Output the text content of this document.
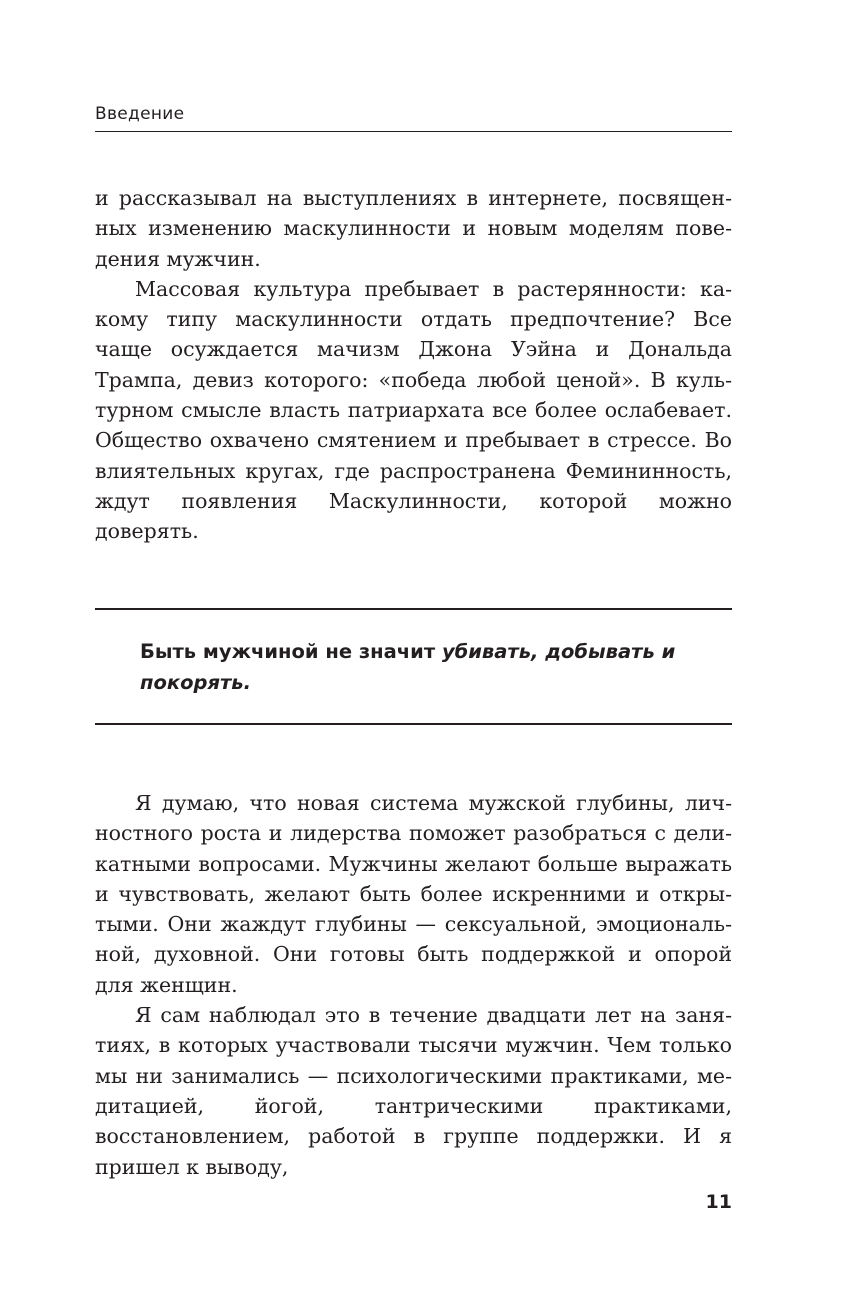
Введение

и рассказывал на выступлениях в интернете, посвященных изменению маскулинности и новым моделям поведения мужчин.

Массовая культура пребывает в растерянности: какому типу маскулинности отдать предпочтение? Все чаще осуждается мачизм Джона Уэйна и Дональда Трампа, девиз которого: «победа любой ценой». В культурном смысле власть патриархата все более ослабевает. Общество охвачено смятением и пребывает в стрессе. Во влиятельных кругах, где распространена Фемининность, ждут появления Маскулинности, которой можно доверять.

Быть мужчиной не значит убивать, добывать и покорять.

Я думаю, что новая система мужской глубины, личностного роста и лидерства поможет разобраться с деликатными вопросами. Мужчины желают больше выражать и чувствовать, желают быть более искренними и открытыми. Они жаждут глубины — сексуальной, эмоциональной, духовной. Они готовы быть поддержкой и опорой для женщин.

Я сам наблюдал это в течение двадцати лет на занятиях, в которых участвовали тысячи мужчин. Чем только мы ни занимались — психологическими практиками, медитацией, йогой, тантрическими практиками, восстановлением, работой в группе поддержки. И я пришел к выводу,

11
